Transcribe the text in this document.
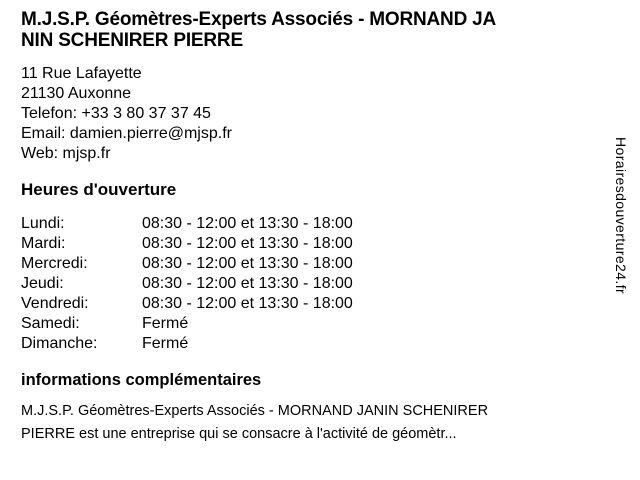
M.J.S.P. Géomètres-Experts Associés - MORNAND JA
NIN SCHENIRER PIERRE
11 Rue Lafayette
21130 Auxonne
Telefon: +33 3 80 37 37 45
Email: damien.pierre@mjsp.fr
Web: mjsp.fr
Heures d'ouverture
Lundi:	08:30 - 12:00 et 13:30 - 18:00
Mardi:	08:30 - 12:00 et 13:30 - 18:00
Mercredi:	08:30 - 12:00 et 13:30 - 18:00
Jeudi:	08:30 - 12:00 et 13:30 - 18:00
Vendredi:	08:30 - 12:00 et 13:30 - 18:00
Samedi:	Fermé
Dimanche:	Fermé
informations complémentaires

M.J.S.P. Géomètres-Experts Associés - MORNAND JANIN SCHENIRER PIERRE est une entreprise qui se consacre à l'activité de géomètr...

Horairesdouverture24.fr
